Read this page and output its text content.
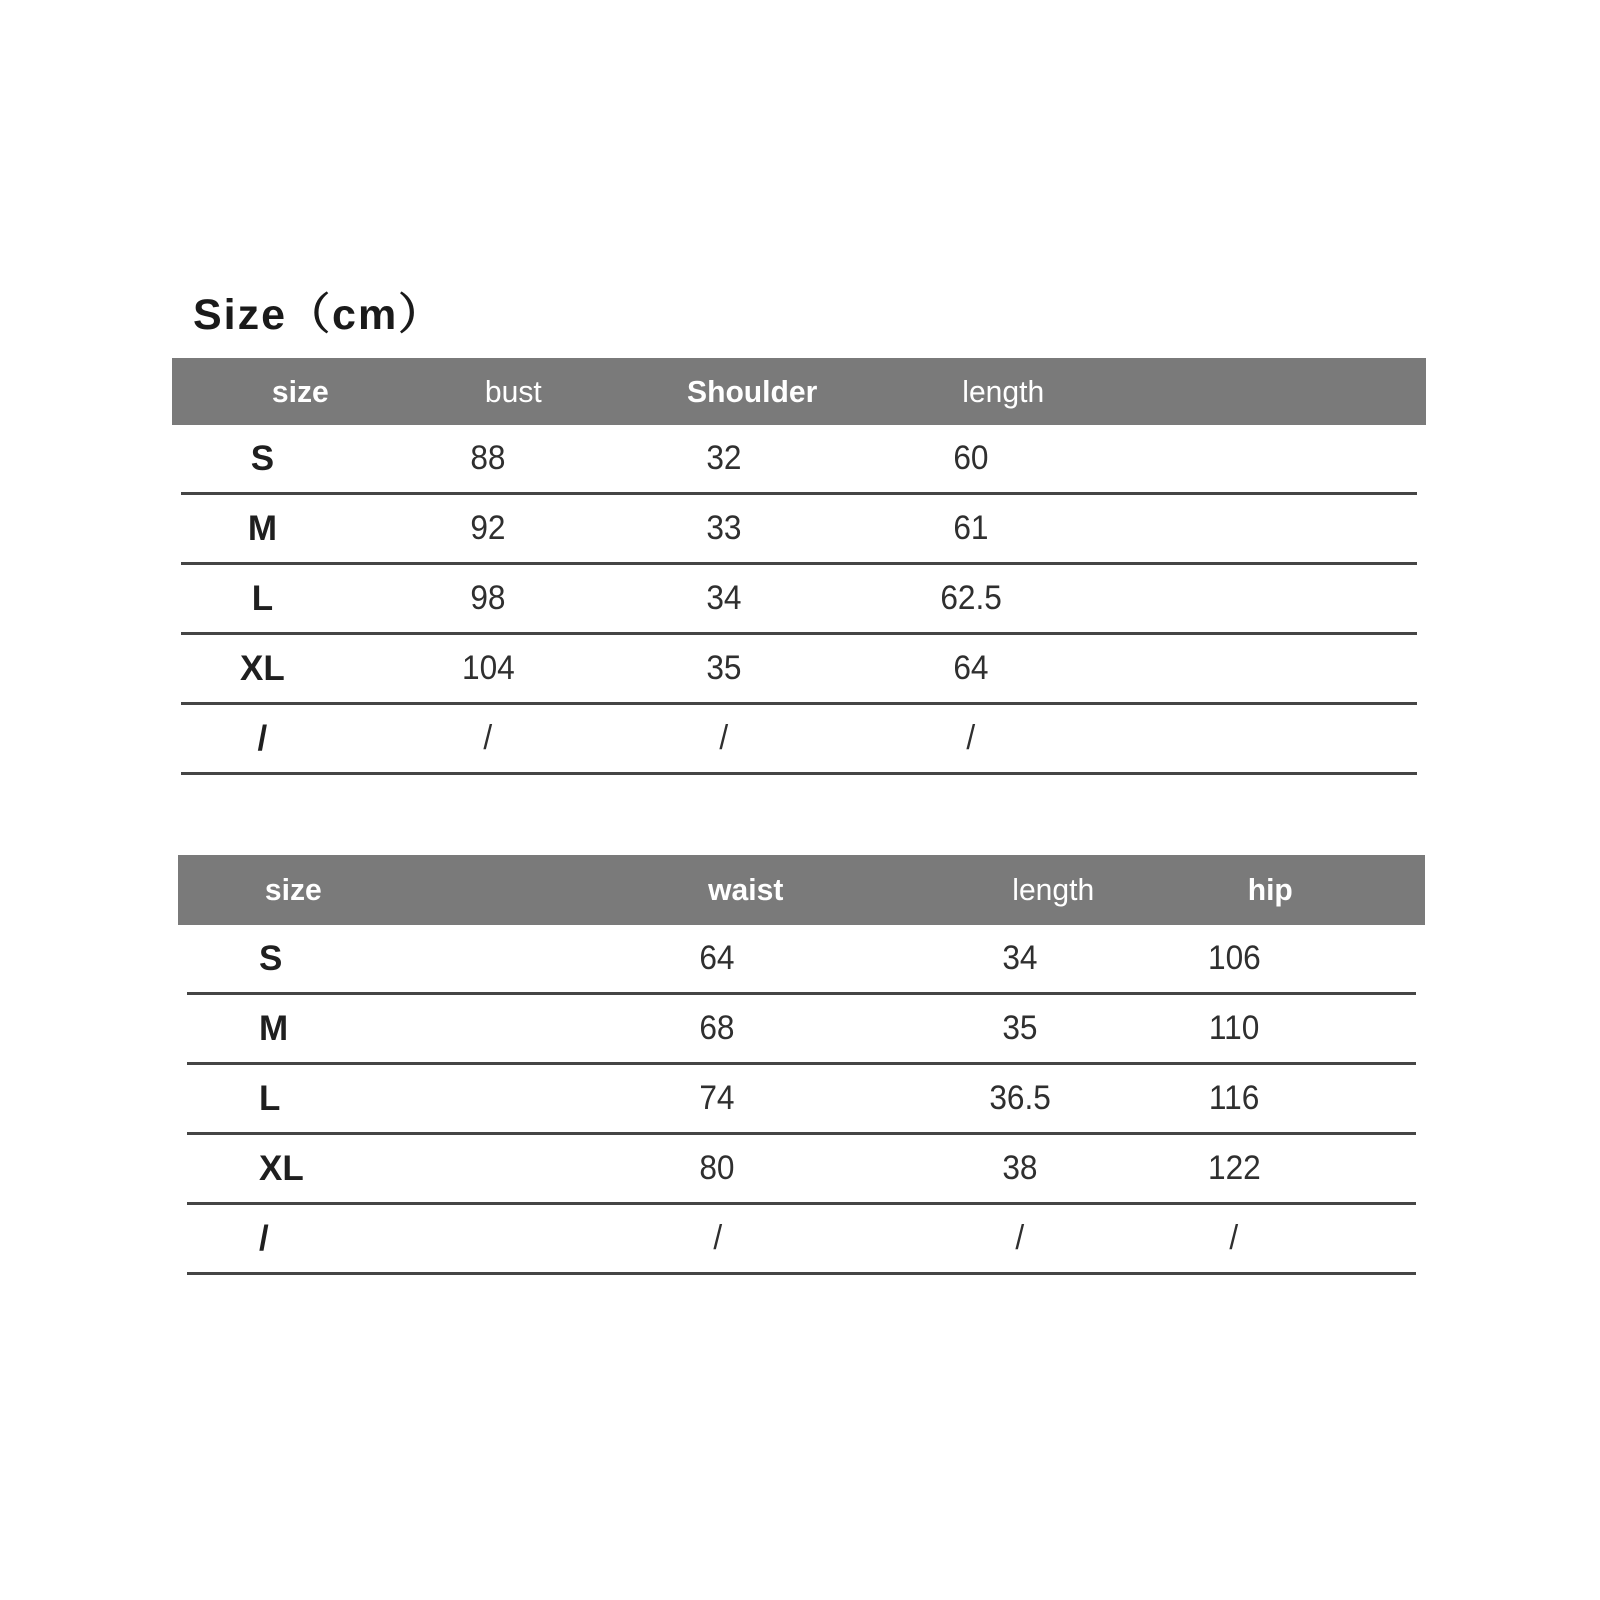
Size（cm）
size	bust	Shoulder	length
S	88	32	60
M	92	33	61
L	98	34	62.5
XL	104	35	64
/	/	/	/
size	waist	length	hip
S	64	34	106
M	68	35	110
L	74	36.5	116
XL	80	38	122
/	/	/	/
